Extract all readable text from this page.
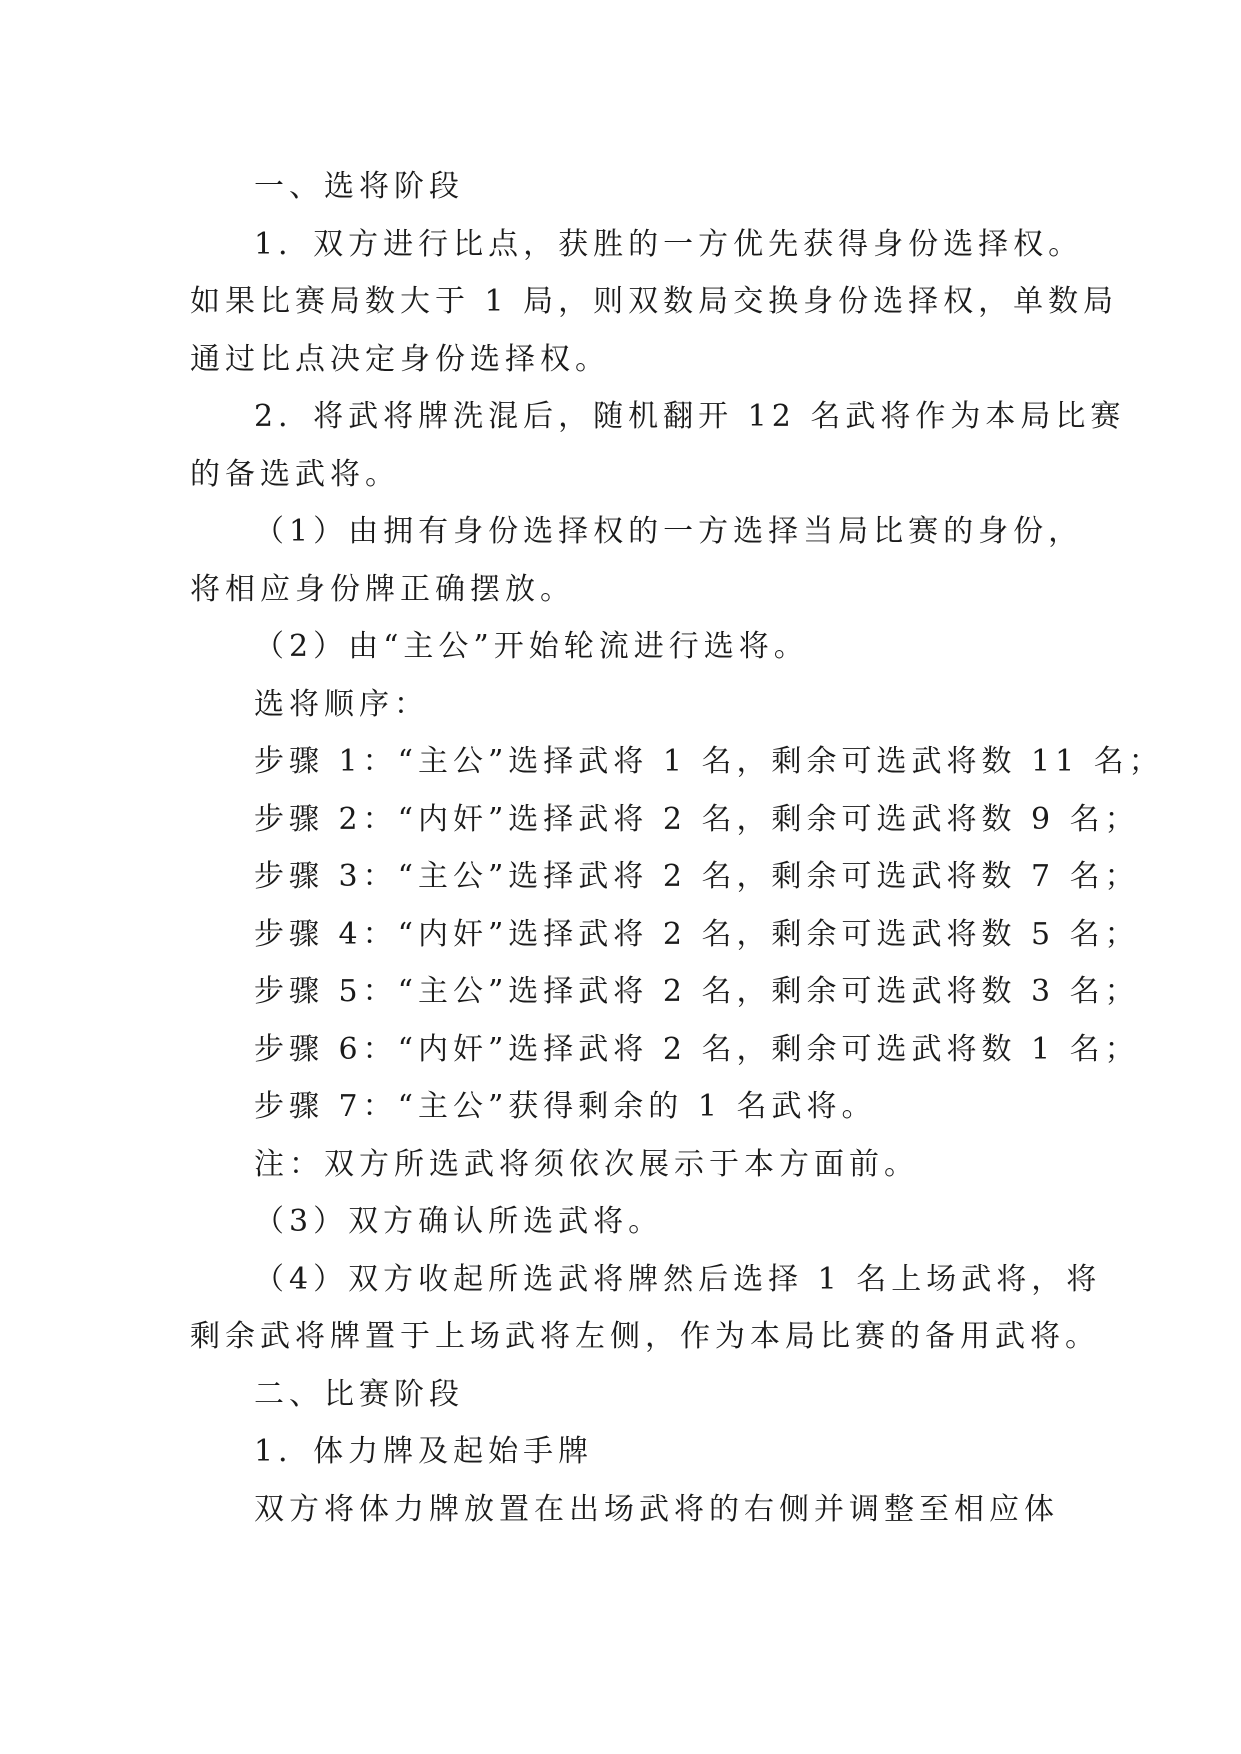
一、选将阶段
1．双方进行比点，获胜的一方优先获得身份选择权。
如果比赛局数大于 1 局，则双数局交换身份选择权，单数局
通过比点决定身份选择权。
2．将武将牌洗混后，随机翻开 12 名武将作为本局比赛
的备选武将。
（1）由拥有身份选择权的一方选择当局比赛的身份，
将相应身份牌正确摆放。
（2）由“主公”开始轮流进行选将。
选将顺序：
步骤 1：“主公”选择武将 1 名，剩余可选武将数 11 名；
步骤 2：“内奸”选择武将 2 名，剩余可选武将数 9 名；
步骤 3：“主公”选择武将 2 名，剩余可选武将数 7 名；
步骤 4：“内奸”选择武将 2 名，剩余可选武将数 5 名；
步骤 5：“主公”选择武将 2 名，剩余可选武将数 3 名；
步骤 6：“内奸”选择武将 2 名，剩余可选武将数 1 名；
步骤 7：“主公”获得剩余的 1 名武将。
注：双方所选武将须依次展示于本方面前。
（3）双方确认所选武将。
（4）双方收起所选武将牌然后选择 1 名上场武将，将
剩余武将牌置于上场武将左侧，作为本局比赛的备用武将。
二、比赛阶段
1．体力牌及起始手牌
双方将体力牌放置在出场武将的右侧并调整至相应体
